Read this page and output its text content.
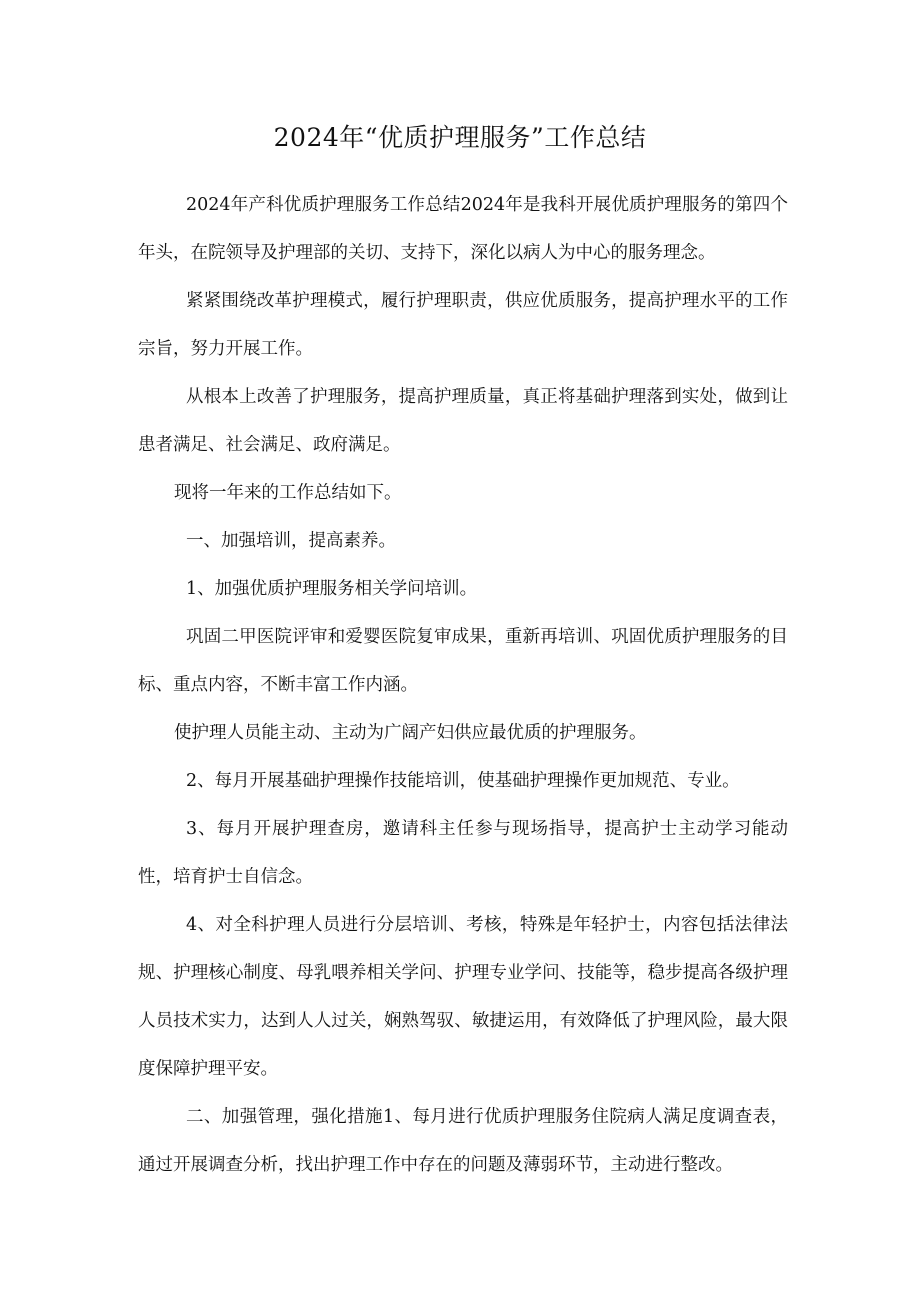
2024年“优质护理服务”工作总结

2024年产科优质护理服务工作总结2024年是我科开展优质护理服务的第四个年头，在院领导及护理部的关切、支持下，深化以病人为中心的服务理念。

紧紧围绕改革护理模式，履行护理职责，供应优质服务，提高护理水平的工作宗旨，努力开展工作。

从根本上改善了护理服务，提高护理质量，真正将基础护理落到实处，做到让患者满足、社会满足、政府满足。

现将一年来的工作总结如下。

一、加强培训，提高素养。

1、加强优质护理服务相关学问培训。

巩固二甲医院评审和爱婴医院复审成果，重新再培训、巩固优质护理服务的目标、重点内容，不断丰富工作内涵。

使护理人员能主动、主动为广阔产妇供应最优质的护理服务。

2、每月开展基础护理操作技能培训，使基础护理操作更加规范、专业。

3、每月开展护理查房，邀请科主任参与现场指导，提高护士主动学习能动性，培育护士自信念。

4、对全科护理人员进行分层培训、考核，特殊是年轻护士，内容包括法律法规、护理核心制度、母乳喂养相关学问、护理专业学问、技能等，稳步提高各级护理人员技术实力，达到人人过关，娴熟驾驭、敏捷运用，有效降低了护理风险，最大限度保障护理平安。

二、加强管理，强化措施1、每月进行优质护理服务住院病人满足度调查表，通过开展调查分析，找出护理工作中存在的问题及薄弱环节，主动进行整改。
